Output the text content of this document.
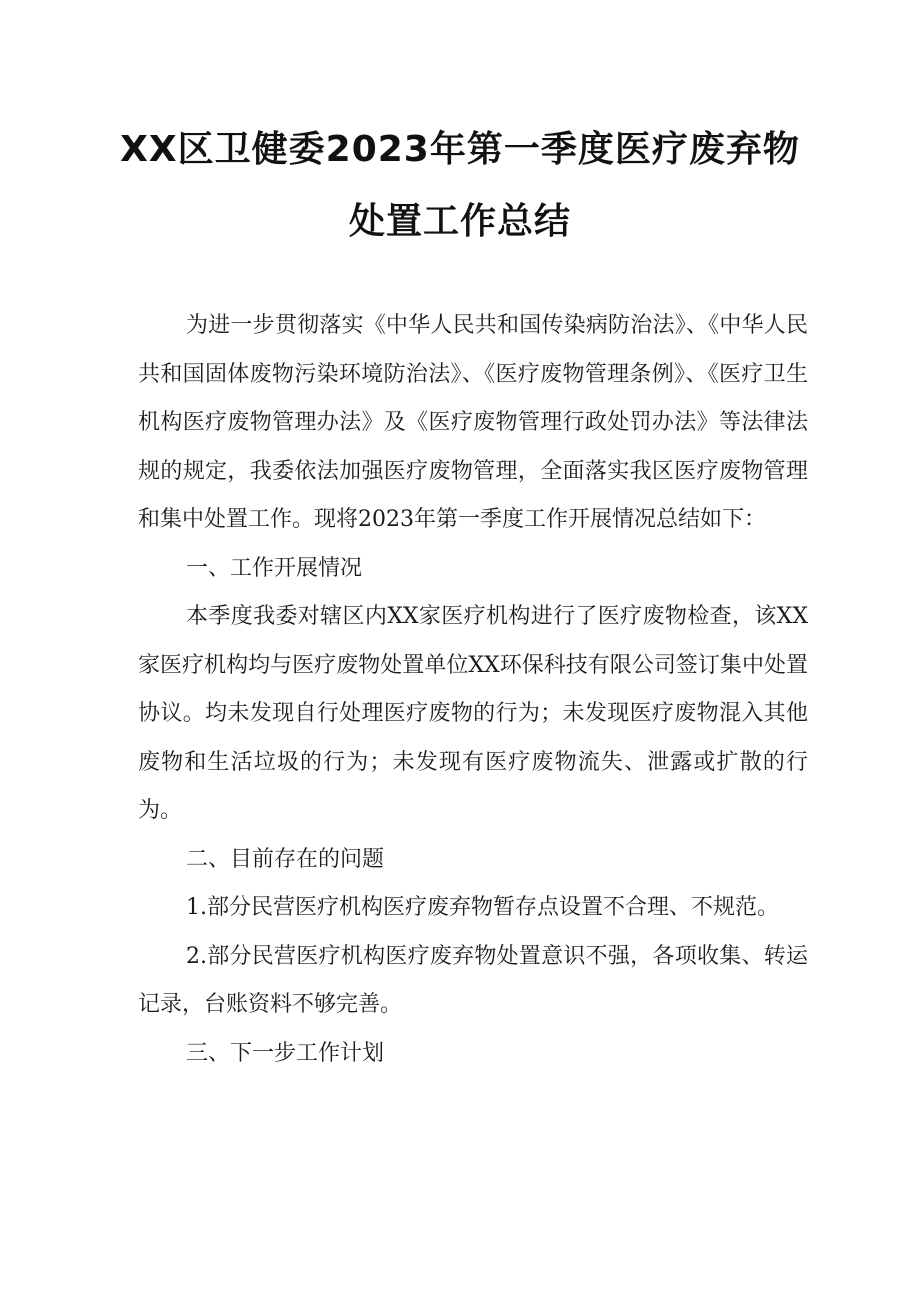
XX区卫健委2023年第一季度医疗废弃物
处置工作总结

为进一步贯彻落实《中华人民共和国传染病防治法》、《中华人民共和国固体废物污染环境防治法》、《医疗废物管理条例》、《医疗卫生机构医疗废物管理办法》及《医疗废物管理行政处罚办法》等法律法规的规定，我委依法加强医疗废物管理，全面落实我区医疗废物管理和集中处置工作。现将2023年第一季度工作开展情况总结如下：

一、工作开展情况

本季度我委对辖区内XX家医疗机构进行了医疗废物检查，该XX家医疗机构均与医疗废物处置单位XX环保科技有限公司签订集中处置协议。均未发现自行处理医疗废物的行为；未发现医疗废物混入其他废物和生活垃圾的行为；未发现有医疗废物流失、泄露或扩散的行为。

二、目前存在的问题

1.部分民营医疗机构医疗废弃物暂存点设置不合理、不规范。

2.部分民营医疗机构医疗废弃物处置意识不强，各项收集、转运记录，台账资料不够完善。

三、下一步工作计划
